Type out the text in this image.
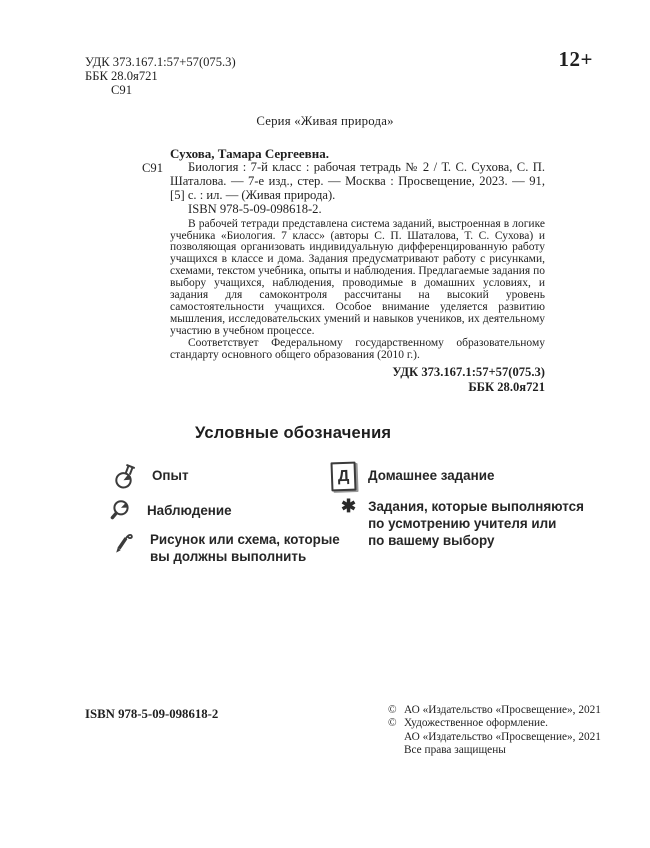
УДК 373.167.1:57+57(075.3)
ББК 28.0я721
С91
12+
Серия «Живая природа»
Сухова, Тамара Сергеевна.
С91	Биология : 7-й класс : рабочая тетрадь № 2 / Т. С. Сухова, С. П. Шаталова. — 7-е изд., стер. — Москва : Просвещение, 2023. — 91, [5] с. : ил. — (Живая природа).
ISBN 978-5-09-098618-2.
В рабочей тетради представлена система заданий, выстроенная в логике учебника «Биология. 7 класс» (авторы С. П. Шаталова, Т. С. Сухова) и позволяющая организовать индивидуальную дифференцированную работу учащихся в классе и дома. Задания предусматривают работу с рисунками, схемами, текстом учебника, опыты и наблюдения. Предлагаемые задания по выбору учащихся, наблюдения, проводимые в домашних условиях, и задания для самоконтроля рассчитаны на высокий уровень самостоятельности учащихся. Особое внимание уделяется развитию мышления, исследовательских умений и навыков учеников, их деятельному участию в учебном процессе.
Соответствует Федеральному государственному образовательному стандарту основного общего образования (2010 г.).
УДК 373.167.1:57+57(075.3)
ББК 28.0я721
Условные обозначения
Опыт	Д Домашнее задание
Наблюдение	✱ Задания, которые выполняются
по усмотрению учителя или
по вашему выбору
Рисунок или схема, которые
вы должны выполнить
ISBN 978-5-09-098618-2	© АО «Издательство «Просвещение», 2021
© Художественное оформление.
АО «Издательство «Просвещение», 2021
Все права защищены
